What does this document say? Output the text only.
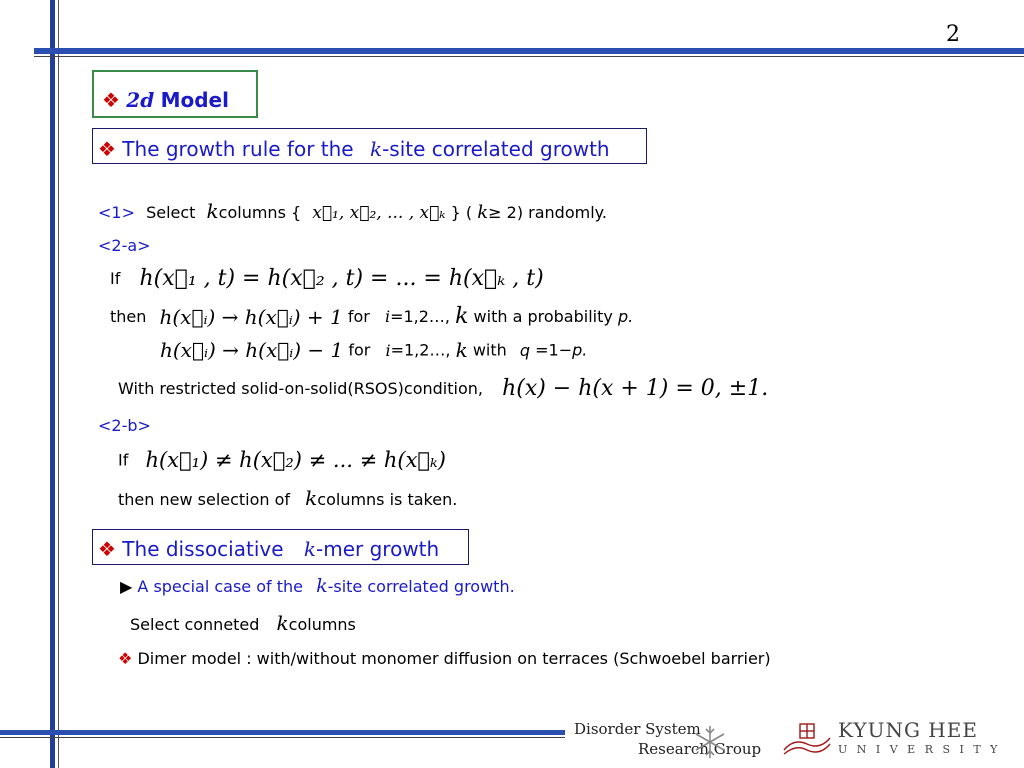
2
❖ 2d Model
❖ The growth rule for the k-site correlated growth
<1> Select kcolumns { x⃗₁, x⃗₂, ... , x⃗ₖ } ( k≥ 2) randomly.
<2-a>
If h(x⃗₁ , t) = h(x⃗₂ , t) = ... = h(x⃗ₖ , t)
then h(x⃗ᵢ) → h(x⃗ᵢ) + 1 for i=1,2…, k with a probability p.
h(x⃗ᵢ) → h(x⃗ᵢ) − 1 for i=1,2…, k with q =1−p.
With restricted solid-on-solid(RSOS)condition, h(x) − h(x + 1) = 0, ±1.
<2-b>
If h(x⃗₁) ≠ h(x⃗₂) ≠ ... ≠ h(x⃗ₖ)
then new selection of kcolumns is taken.
❖ The dissociative k-mer growth
▶ A special case of the k-site correlated growth.
Select conneted kcolumns
❖ Dimer model : with/without monomer diffusion on terraces (Schwoebel barrier)
Disorder System
Research Group
KYUNG HEE
U N I V E R S I T Y
